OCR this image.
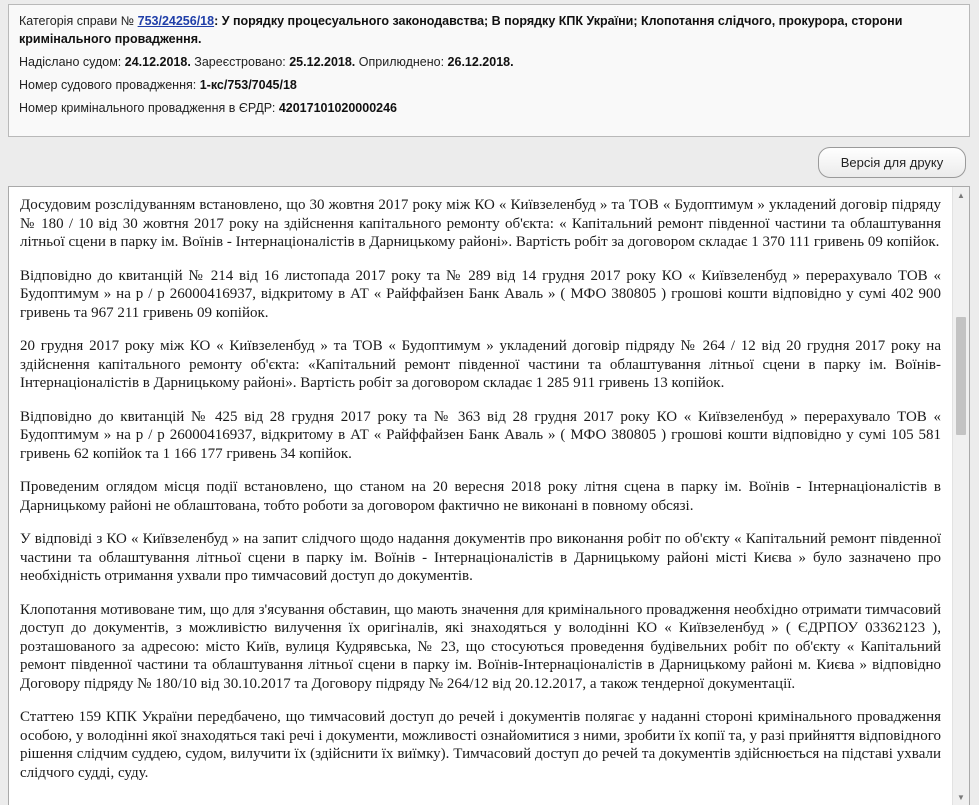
Категорія справи № 753/24256/18: У порядку процесуального законодавства; В порядку КПК України; Клопотання слідчого, прокурора, сторони кримінального провадження.

Надіслано судом: 24.12.2018. Зареєстровано: 25.12.2018. Оприлюднено: 26.12.2018.

Номер судового провадження: 1-кс/753/7045/18

Номер кримінального провадження в ЄРДР: 42017101020000246

Версія для друку

Досудовим розслідуванням встановлено, що 30 жовтня 2017 року між КО « Київзеленбуд » та ТОВ « Будоптимум » укладений договір підряду № 180 / 10 від 30 жовтня 2017 року на здійснення капітального ремонту об'єкта: « Капітальний ремонт південної частини та облаштування літньої сцени в парку ім. Воїнів - Інтернаціоналістів в Дарницькому районі». Вартість робіт за договором складає 1 370 111 гривень 09 копійок.

Відповідно до квитанцій № 214 від 16 листопада 2017 року та № 289 від 14 грудня 2017 року КО « Київзеленбуд » перерахувало ТОВ « Будоптимум » на р / р 26000416937, відкритому в АТ « Райффайзен Банк Аваль » ( МФО 380805 ) грошові кошти відповідно у сумі 402 900 гривень та 967 211 гривень 09 копійок.

20 грудня 2017 року між КО « Київзеленбуд » та ТОВ « Будоптимум » укладений договір підряду № 264 / 12 від 20 грудня 2017 року на здійснення капітального ремонту об'єкта: «Капітальний ремонт південної частини та облаштування літньої сцени в парку ім. Воїнів-Інтернаціоналістів в Дарницькому районі». Вартість робіт за договором складає 1 285 911 гривень 13 копійок.

Відповідно до квитанцій № 425 від 28 грудня 2017 року та № 363 від 28 грудня 2017 року КО « Київзеленбуд » перерахувало ТОВ « Будоптимум » на р / р 26000416937, відкритому в АТ « Райффайзен Банк Аваль » ( МФО 380805 ) грошові кошти відповідно у сумі 105 581 гривень 62 копійок та 1 166 177 гривень 34 копійок.

Проведеним оглядом місця події встановлено, що станом на 20 вересня 2018 року літня сцена в парку ім. Воїнів - Інтернаціоналістів в Дарницькому районі не облаштована, тобто роботи за договором фактично не виконані в повному обсязі.

У відповіді з КО « Київзеленбуд » на запит слідчого щодо надання документів про виконання робіт по об'єкту « Капітальний ремонт південної частини та облаштування літньої сцени в парку ім. Воїнів - Інтернаціоналістів в Дарницькому районі місті Києва » було зазначено про необхідність отримання ухвали про тимчасовий доступ до документів.

Клопотання мотивоване тим, що для з'ясування обставин, що мають значення для кримінального провадження необхідно отримати тимчасовий доступ до документів, з можливістю вилучення їх оригіналів, які знаходяться у володінні КО « Київзеленбуд » ( ЄДРПОУ 03362123 ), розташованого за адресою: місто Київ, вулиця Кудрявська, № 23, що стосуються проведення будівельних робіт по об'єкту « Капітальний ремонт південної частини та облаштування літньої сцени в парку ім. Воїнів-Інтернаціоналістів в Дарницькому районі м. Києва » відповідно Договору підряду № 180/10 від 30.10.2017 та Договору підряду № 264/12 від 20.12.2017, а також тендерної документації.

Статтею 159 КПК України передбачено, що тимчасовий доступ до речей і документів полягає у наданні стороні кримінального провадження особою, у володінні якої знаходяться такі речі і документи, можливості ознайомитися з ними, зробити їх копії та, у разі прийняття відповідного рішення слідчим суддею, судом, вилучити їх (здійснити їх виїмку). Тимчасовий доступ до речей та документів здійснюється на підставі ухвали слідчого судді, суду.

▲
▼
